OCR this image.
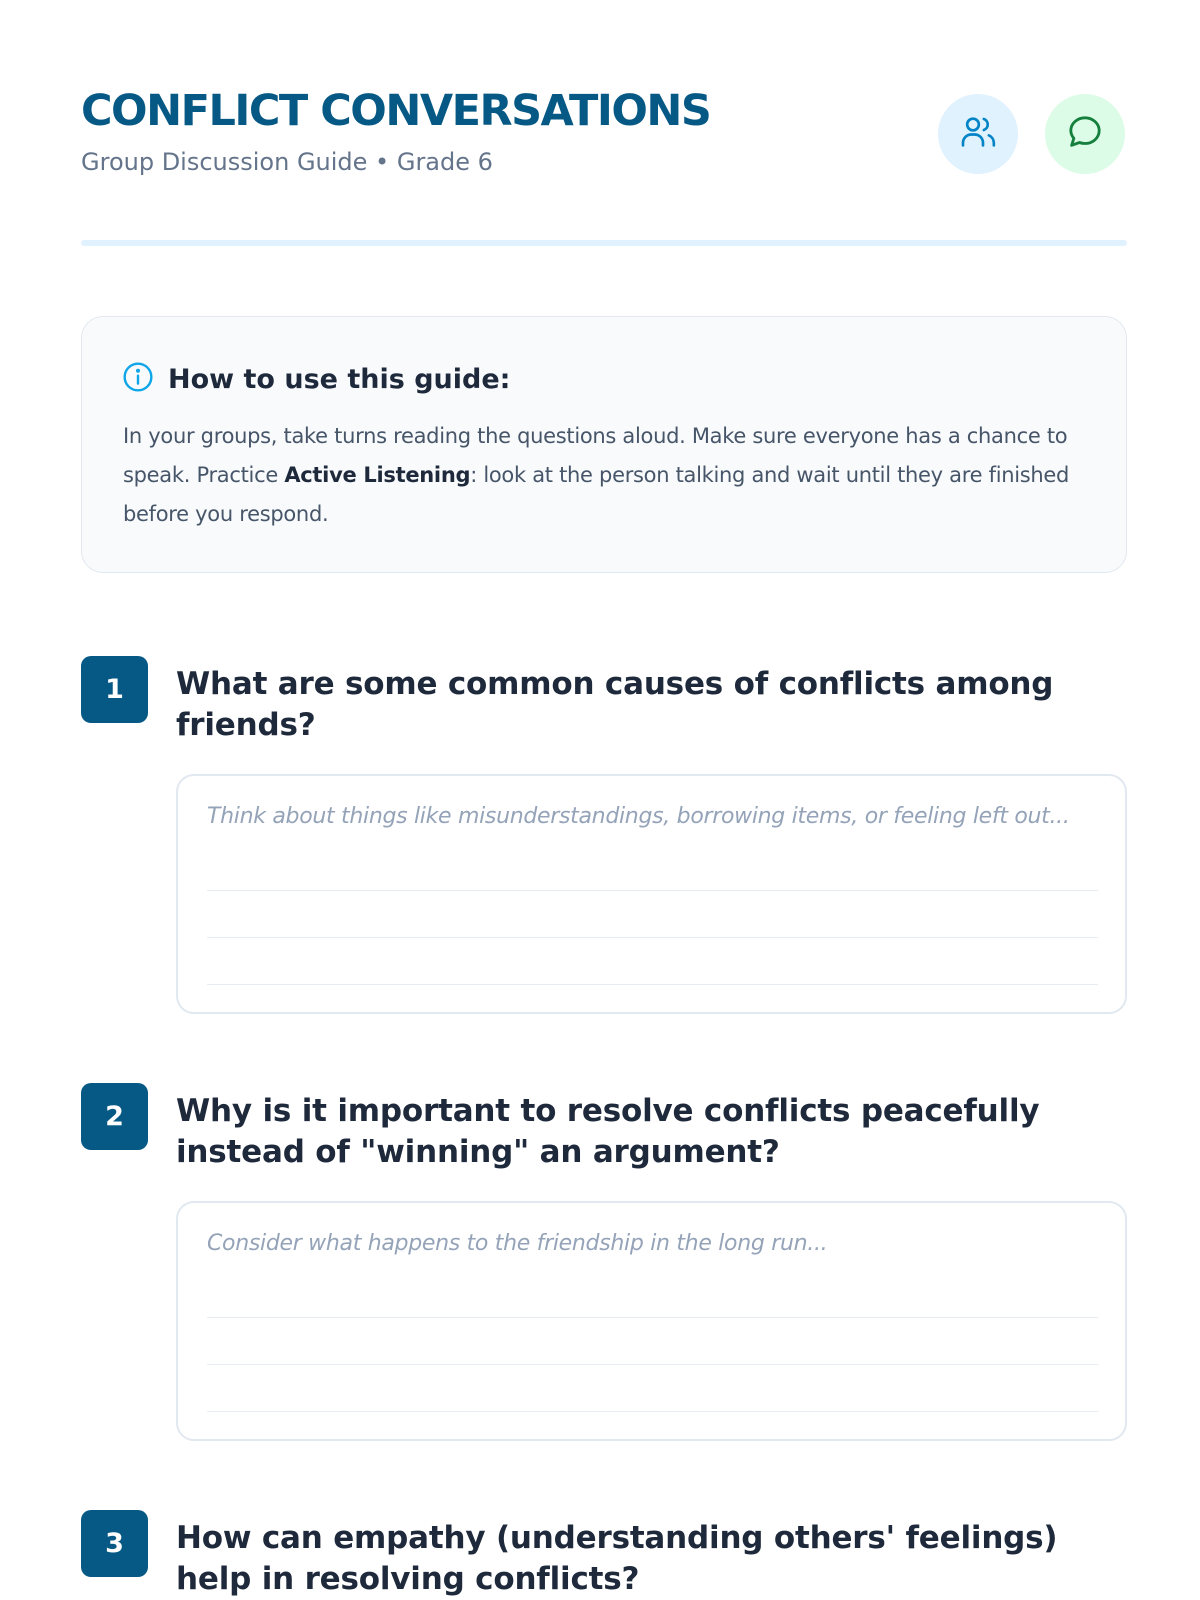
CONFLICT CONVERSATIONS
Group Discussion Guide • Grade 6
How to use this guide:

In your groups, take turns reading the questions aloud. Make sure everyone has a chance to speak. Practice Active Listening: look at the person talking and wait until they are finished before you respond.

1	What are some common causes of conflicts among friends?
Think about things like misunderstandings, borrowing items, or feeling left out...
2	Why is it important to resolve conflicts peacefully instead of "winning" an argument?
Consider what happens to the friendship in the long run...
3	How can empathy (understanding others' feelings) help in resolving conflicts?
